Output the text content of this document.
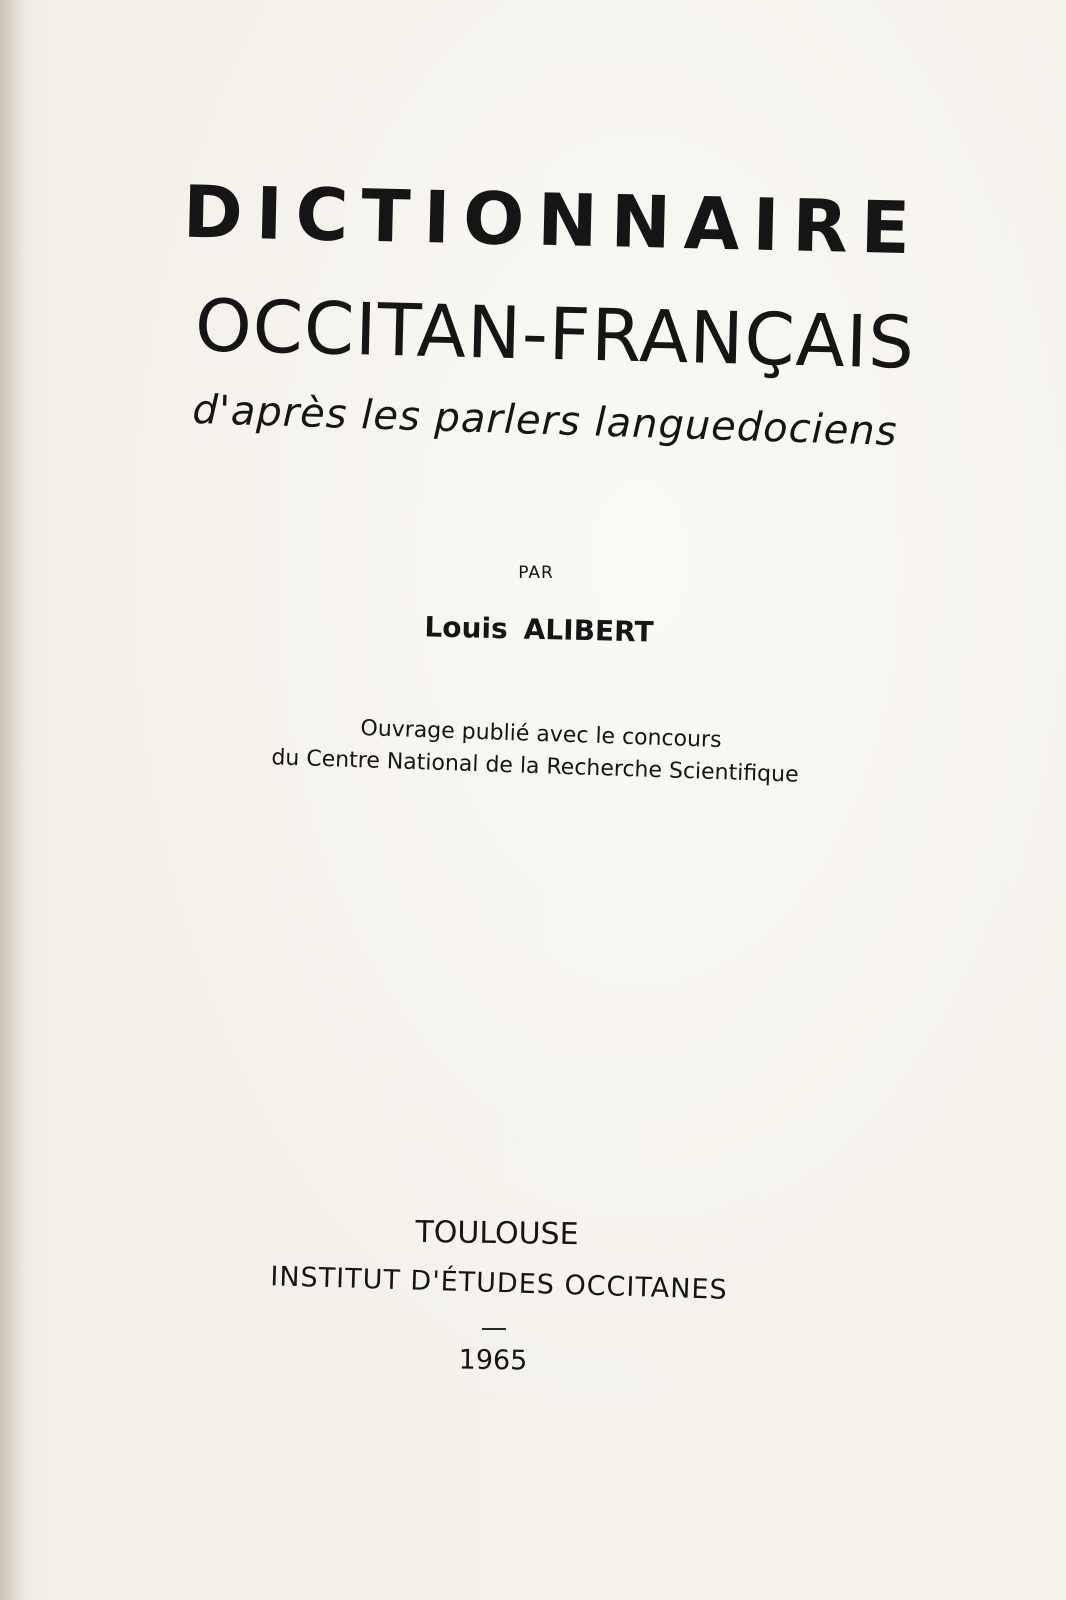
DICTIONNAIRE
OCCITAN-FRANÇAIS
d'après les parlers languedociens
PAR
Louis ALIBERT
Ouvrage publié avec le concours
du Centre National de la Recherche Scientifique
TOULOUSE
INSTITUT D'ÉTUDES OCCITANES
1965
